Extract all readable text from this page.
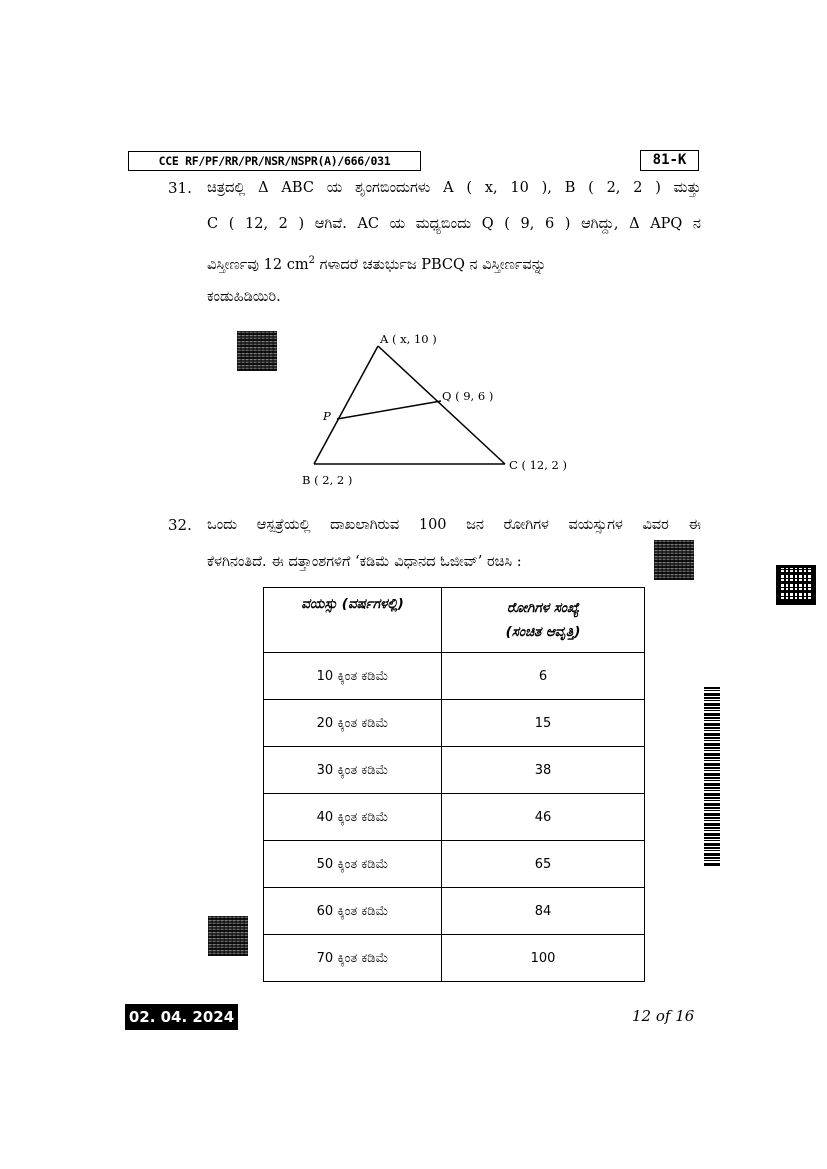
CCE RF/PF/RR/PR/NSR/NSPR(A)/666/031	81-K
31. ಚಿತ್ರದಲ್ಲಿ Δ ABC ಯ ಶೃಂಗಬಿಂದುಗಳು A ( x, 10 ), B ( 2, 2 ) ಮತ್ತು
C ( 12, 2 ) ಆಗಿವೆ. AC ಯ ಮಧ್ಯಬಿಂದು Q ( 9, 6 ) ಆಗಿದ್ದು, Δ APQ ನ
ವಿಸ್ತೀರ್ಣವು 12 $cm^2$ ಗಳಾದರೆ ಚತುರ್ಭುಜ PBCQ ನ ವಿಸ್ತೀರ್ಣವನ್ನು
ಕಂಡುಹಿಡಿಯಿರಿ.
A ( x, 10 )
Q ( 9, 6 )
P
B ( 2, 2 )
C ( 12, 2 )
32. ಒಂದು ಆಸ್ಪತ್ರೆಯಲ್ಲಿ ದಾಖಲಾಗಿರುವ 100 ಜನ ರೋಗಿಗಳ ವಯಸ್ಸುಗಳ ವಿವರ ಈ
ಕೆಳಗಿನಂತಿದೆ. ಈ ದತ್ತಾಂಶಗಳಿಗೆ ‘ಕಡಿಮೆ ವಿಧಾನದ ಓಜೀವ್’ ರಚಿಸಿ :
ವಯಸ್ಸು (ವರ್ಷಗಳಲ್ಲಿ)	ರೋಗಿಗಳ ಸಂಖ್ಯೆ
(ಸಂಚಿತ ಆವೃತ್ತಿ)

10 ಕ್ಕಿಂತ ಕಡಿಮೆ	6
20 ಕ್ಕಿಂತ ಕಡಿಮೆ	15
30 ಕ್ಕಿಂತ ಕಡಿಮೆ	38
40 ಕ್ಕಿಂತ ಕಡಿಮೆ	46
50 ಕ್ಕಿಂತ ಕಡಿಮೆ	65
60 ಕ್ಕಿಂತ ಕಡಿಮೆ	84
70 ಕ್ಕಿಂತ ಕಡಿಮೆ	100
02. 04. 2024	12 of 16
